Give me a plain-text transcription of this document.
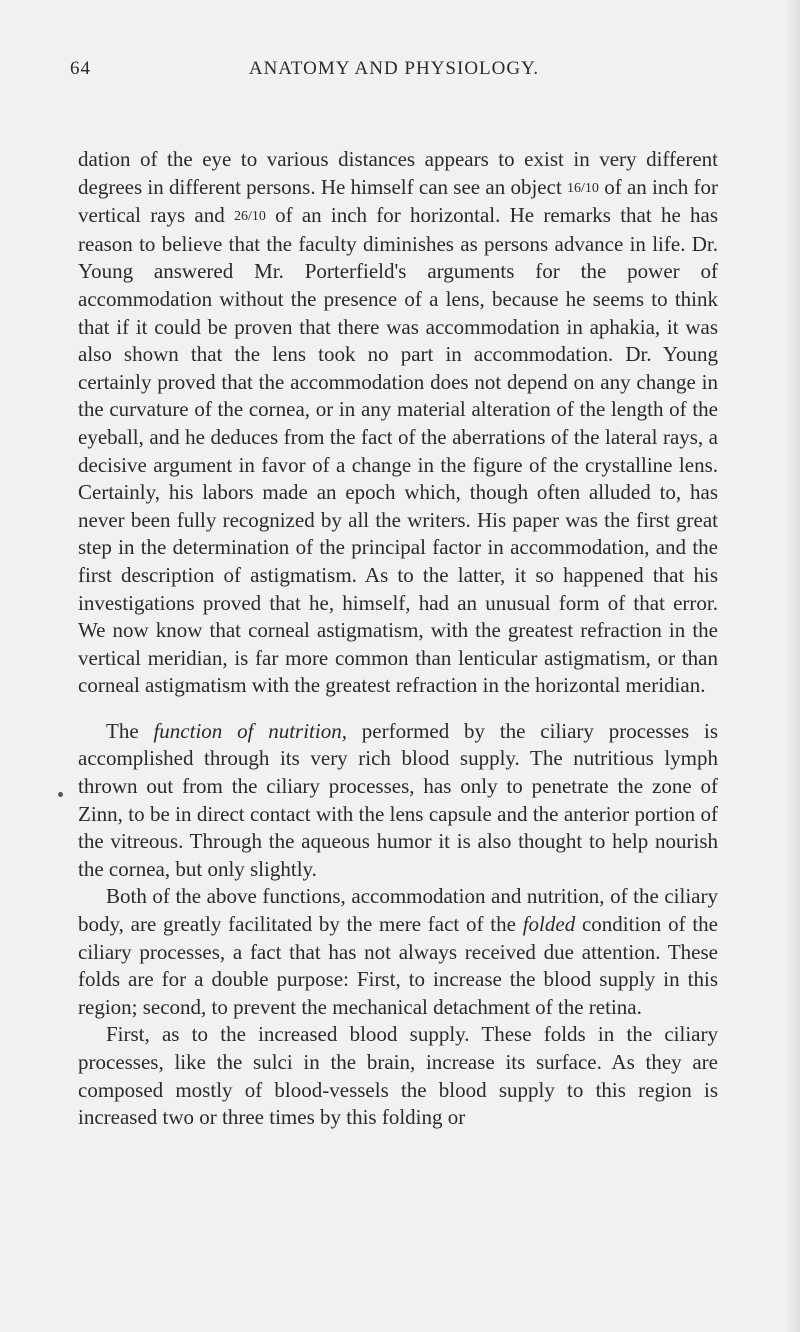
64	ANATOMY AND PHYSIOLOGY.

dation of the eye to various distances appears to exist in very different degrees in different persons. He himself can see an object 16/10 of an inch for vertical rays and 26/10 of an inch for horizontal. He remarks that he has reason to believe that the faculty diminishes as persons advance in life. Dr. Young answered Mr. Porterfield's arguments for the power of accommodation without the presence of a lens, because he seems to think that if it could be proven that there was accommodation in aphakia, it was also shown that the lens took no part in accommodation. Dr. Young certainly proved that the accommodation does not depend on any change in the curvature of the cornea, or in any material alteration of the length of the eyeball, and he deduces from the fact of the aberrations of the lateral rays, a decisive argument in favor of a change in the figure of the crystalline lens. Certainly, his labors made an epoch which, though often alluded to, has never been fully recognized by all the writers. His paper was the first great step in the determination of the principal factor in accommodation, and the first description of astigmatism. As to the latter, it so happened that his investigations proved that he, himself, had an unusual form of that error. We now know that corneal astigmatism, with the greatest refraction in the vertical meridian, is far more common than lenticular astigmatism, or than corneal astigmatism with the greatest refraction in the horizontal meridian.

The function of nutrition, performed by the ciliary processes is accomplished through its very rich blood supply. The nutritious lymph thrown out from the ciliary processes, has only to penetrate the zone of Zinn, to be in direct contact with the lens capsule and the anterior portion of the vitreous. Through the aqueous humor it is also thought to help nourish the cornea, but only slightly.

Both of the above functions, accommodation and nutrition, of the ciliary body, are greatly facilitated by the mere fact of the folded condition of the ciliary processes, a fact that has not always received due attention. These folds are for a double purpose: First, to increase the blood supply in this region; second, to prevent the mechanical detachment of the retina.

First, as to the increased blood supply. These folds in the ciliary processes, like the sulci in the brain, increase its surface. As they are composed mostly of blood-vessels the blood supply to this region is increased two or three times by this folding or
